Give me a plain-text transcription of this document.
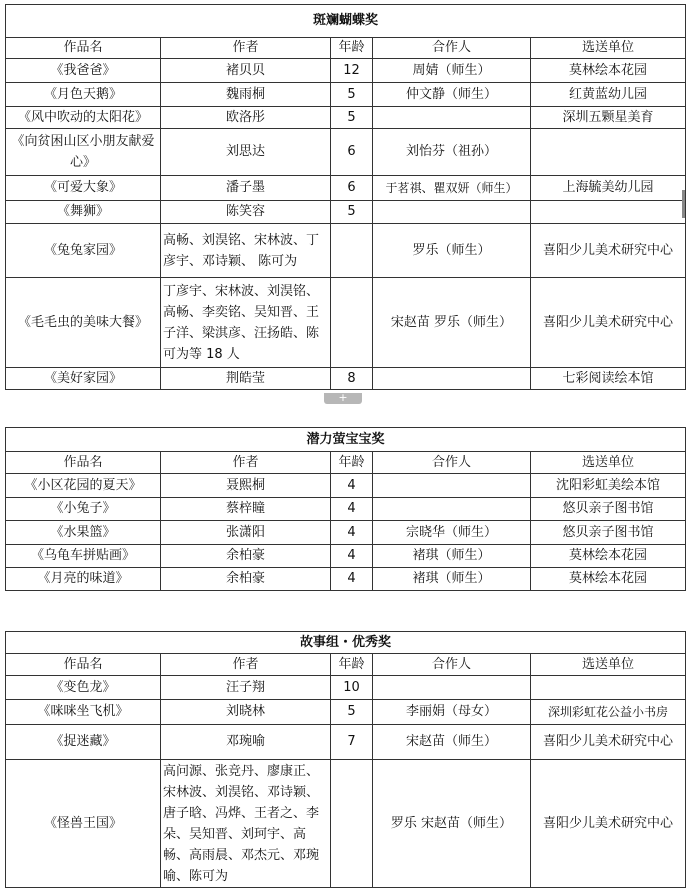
斑斓蝴蝶奖				
作品名	作者	年龄	合作人	选送单位
《我爸爸》	褚贝贝	12	周婧（师生）	莫林绘本花园
《月色天鹅》	魏雨桐	5	仲文静（师生）	红黄蓝幼儿园
《风中吹动的太阳花》	欧洛彤	5		深圳五颗星美育
《向贫困山区小朋友献爱心》	刘思达	6	刘怡芬（祖孙）	
《可爱大象》	潘子墨	6	于茗祺、瞿双妍（师生）	上海毓美幼儿园
《舞狮》	陈笑容	5		
《兔兔家园》	高畅、刘淏铭、宋林波、丁彦宇、邓诗颖、 陈可为		罗乐（师生）	喜阳少儿美术研究中心
《毛毛虫的美味大餐》	丁彦宇、宋林波、刘淏铭、高畅、李奕铭、吴知晋、王子洋、梁淇彦、汪扬皓、陈可为等 18 人		宋赵苗 罗乐（师生）	喜阳少儿美术研究中心
《美好家园》	荆皓莹	8		七彩阅读绘本馆
+
潜力萤宝宝奖				
作品名	作者	年龄	合作人	选送单位
《小区花园的夏天》	聂熙桐	4		沈阳彩虹美绘本馆
《小兔子》	蔡梓瞳	4		悠贝亲子图书馆
《水果篮》	张潇阳	4	宗晓华（师生）	悠贝亲子图书馆
《乌龟车拼贴画》	余柏豪	4	褚琪（师生）	莫林绘本花园
《月亮的味道》	余柏豪	4	褚琪（师生）	莫林绘本花园
故事组・优秀奖				
作品名	作者	年龄	合作人	选送单位
《变色龙》	汪子翔	10		
《咪咪坐飞机》	刘晓林	5	李丽娟（母女）	深圳彩虹花公益小书房
《捉迷藏》	邓琬喻	7	宋赵苗（师生）	喜阳少儿美术研究中心
《怪兽王国》	高问源、张竞丹、廖康正、宋林波、刘淏铭、邓诗颖、唐子晗、冯烨、王者之、李朵、吴知晋、刘珂宇、高畅、高雨晨、邓杰元、邓琬喻、陈可为		罗乐 宋赵苗（师生）	喜阳少儿美术研究中心
